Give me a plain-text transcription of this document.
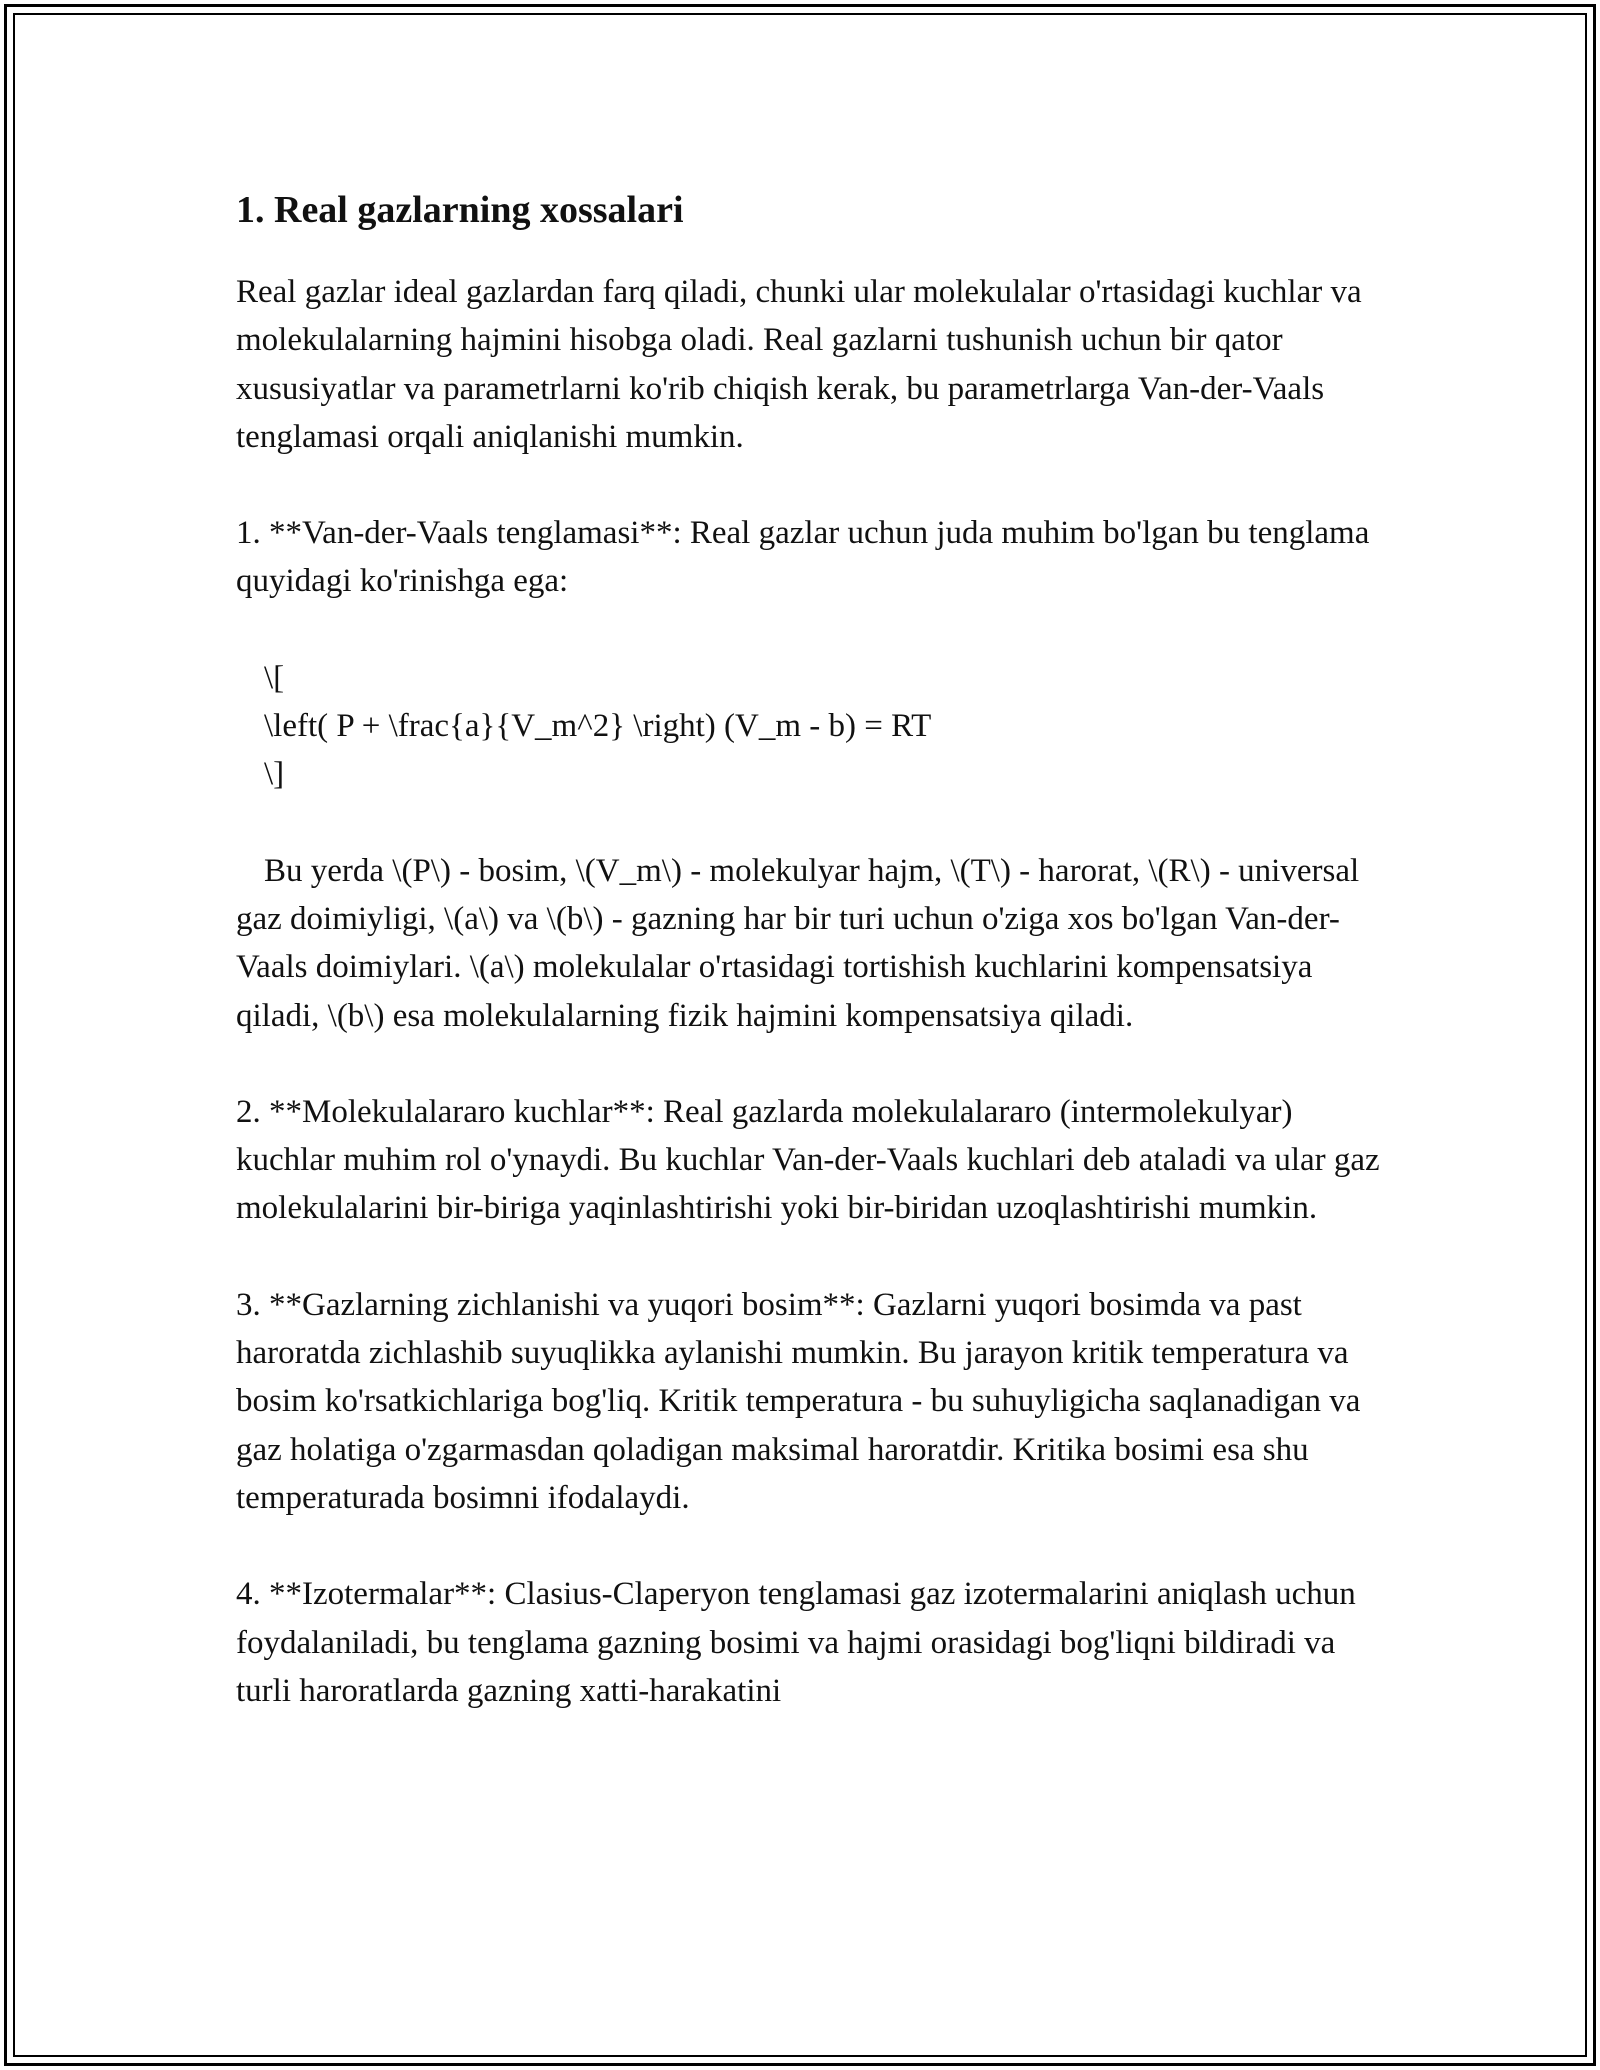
1. Real gazlarning xossalari

Real gazlar ideal gazlardan farq qiladi, chunki ular molekulalar o'rtasidagi kuchlar va molekulalarning hajmini hisobga oladi. Real gazlarni tushunish uchun bir qator xususiyatlar va parametrlarni ko'rib chiqish kerak, bu parametrlarga Van-der-Vaals tenglamasi orqali aniqlanishi mumkin.

1. **Van-der-Vaals tenglamasi**: Real gazlar uchun juda muhim bo'lgan bu tenglama quyidagi ko'rinishga ega:

\[
\left( P + \frac{a}{V_m^2} \right) (V_m - b) = RT
\]

Bu yerda \(P\) - bosim, \(V_m\) - molekulyar hajm, \(T\) - harorat, \(R\) - universal gaz doimiyligi, \(a\) va \(b\) - gazning har bir turi uchun o'ziga xos bo'lgan Van-der-Vaals doimiylari. \(a\) molekulalar o'rtasidagi tortishish kuchlarini kompensatsiya qiladi, \(b\) esa molekulalarning fizik hajmini kompensatsiya qiladi.

2. **Molekulalararo kuchlar**: Real gazlarda molekulalararo (intermolekulyar) kuchlar muhim rol o'ynaydi. Bu kuchlar Van-der-Vaals kuchlari deb ataladi va ular gaz molekulalarini bir-biriga yaqinlashtirishi yoki bir-biridan uzoqlashtirishi mumkin.

3. **Gazlarning zichlanishi va yuqori bosim**: Gazlarni yuqori bosimda va past haroratda zichlashib suyuqlikka aylanishi mumkin. Bu jarayon kritik temperatura va bosim ko'rsatkichlariga bog'liq. Kritik temperatura - bu suhuyligicha saqlanadigan va gaz holatiga o'zgarmasdan qoladigan maksimal haroratdir. Kritika bosimi esa shu temperaturada bosimni ifodalaydi.

4. **Izotermalar**: Clasius-Claperyon tenglamasi gaz izotermalarini aniqlash uchun foydalaniladi, bu tenglama gazning bosimi va hajmi orasidagi bog'liqni bildiradi va turli haroratlarda gazning xatti-harakatini
